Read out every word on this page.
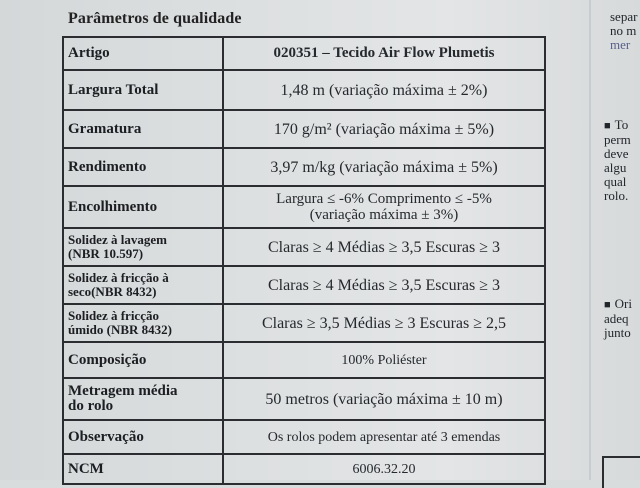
Parâmetros de qualidade
Artigo	020351 – Tecido Air Flow Plumetis
Largura Total	1,48 m (variação máxima ± 2%)
Gramatura	170 g/m² (variação máxima ± 5%)
Rendimento	3,97 m/kg (variação máxima ± 5%)
Encolhimento	Largura ≤ -6% Comprimento ≤ -5%
(variação máxima ± 3%)

Solidez à lavagem
(NBR 10.597)	Claras ≥ 4 Médias ≥ 3,5 Escuras ≥ 3

Solidez à fricção à
seco(NBR 8432)	Claras ≥ 4 Médias ≥ 3,5 Escuras ≥ 3

Solidez à fricção
úmido (NBR 8432)	Claras ≥ 3,5 Médias ≥ 3 Escuras ≥ 2,5
Composição	100% Poliéster

Metragem média
do rolo	50 metros (variação máxima ± 10 m)
Observação	Os rolos podem apresentar até 3 emendas
NCM	6006.32.20
separ
no m
mer
■ To
perm
deve
algu
qual
rolo.
■ Ori
adeq
junto
